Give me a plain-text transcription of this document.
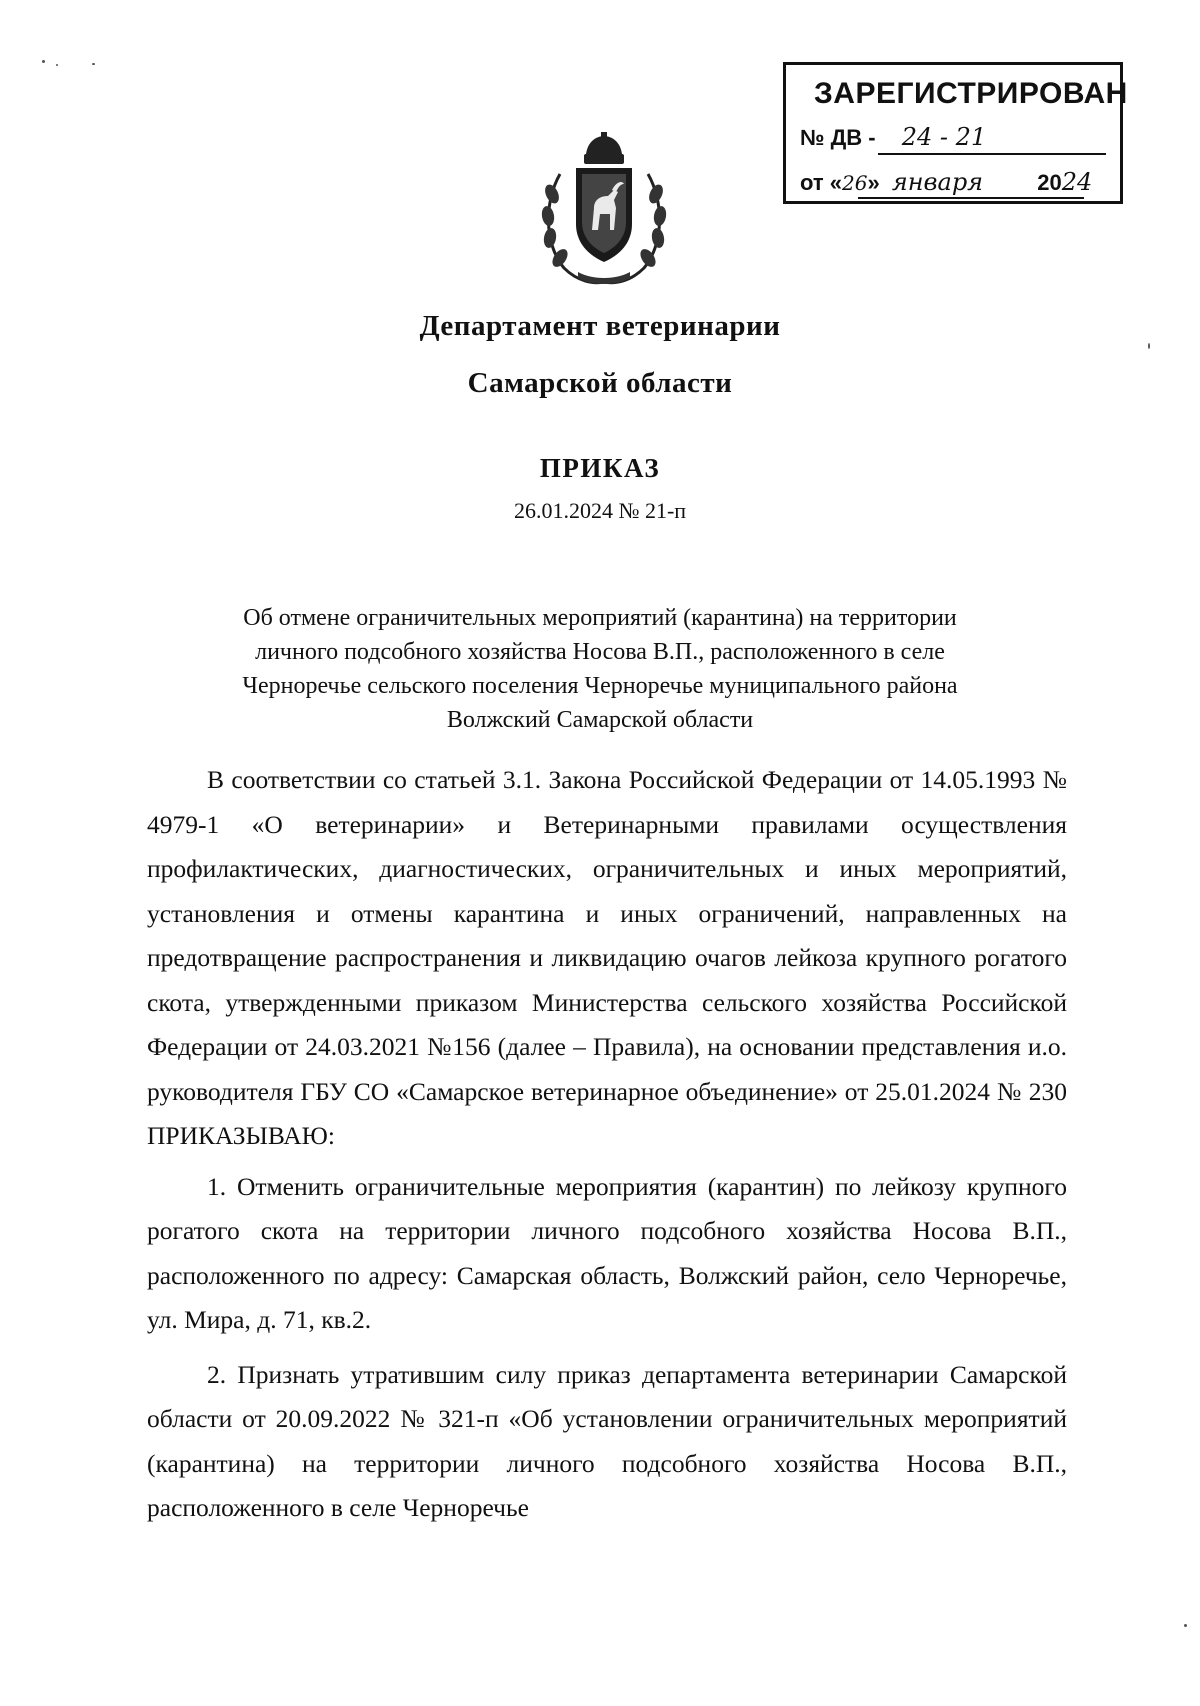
ЗАРЕГИСТРИРОВАН
№ ДВ - 24 - 21
от «26» января 2024
Департамент ветеринарии
Самарской области
ПРИКАЗ
26.01.2024 № 21-п
Об отмене ограничительных мероприятий (карантина) на территории
личного подсобного хозяйства Носова В.П., расположенного в селе
Черноречье сельского поселения Черноречье муниципального района
Волжский Самарской области

В соответствии со статьей 3.1. Закона Российской Федерации от 14.05.1993 № 4979-1 «О ветеринарии» и Ветеринарными правилами осуществления профилактических, диагностических, ограничительных и иных мероприятий, установления и отмены карантина и иных ограничений, направленных на предотвращение распространения и ликвидацию очагов лейкоза крупного рогатого скота, утвержденными приказом Министерства сельского хозяйства Российской Федерации от 24.03.2021 №156 (далее – Правила), на основании представления и.о. руководителя ГБУ СО «Самарское ветеринарное объединение» от 25.01.2024 № 230 ПРИКАЗЫВАЮ:

1. Отменить ограничительные мероприятия (карантин) по лейкозу крупного рогатого скота на территории личного подсобного хозяйства Носова В.П., расположенного по адресу: Самарская область, Волжский район, село Черноречье, ул. Мира, д. 71, кв.2.

2. Признать утратившим силу приказ департамента ветеринарии Самарской области от 20.09.2022 № 321-п «Об установлении ограничительных мероприятий (карантина) на территории личного подсобного хозяйства Носова В.П., расположенного в селе Черноречье
